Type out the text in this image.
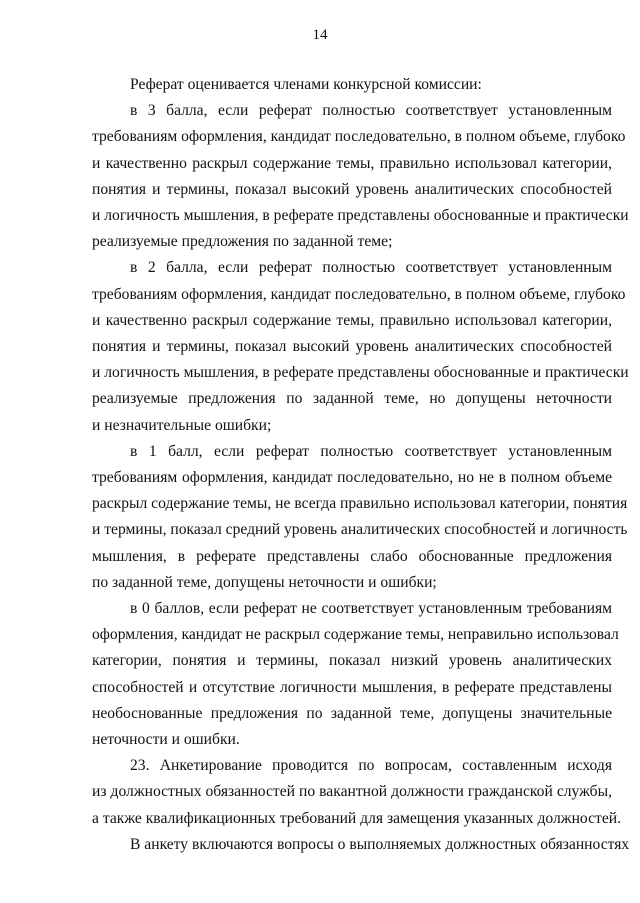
14
Реферат оценивается членами конкурсной комиссии:
в 3 балла, если реферат полностью соответствует установленным
требованиям оформления, кандидат последовательно, в полном объеме, глубоко
и качественно раскрыл содержание темы, правильно использовал категории,
понятия и термины, показал высокий уровень аналитических способностей
и логичность мышления, в реферате представлены обоснованные и практически
реализуемые предложения по заданной теме;
в 2 балла, если реферат полностью соответствует установленным
требованиям оформления, кандидат последовательно, в полном объеме, глубоко
и качественно раскрыл содержание темы, правильно использовал категории,
понятия и термины, показал высокий уровень аналитических способностей
и логичность мышления, в реферате представлены обоснованные и практически
реализуемые предложения по заданной теме, но допущены неточности
и незначительные ошибки;
в 1 балл, если реферат полностью соответствует установленным
требованиям оформления, кандидат последовательно, но не в полном объеме
раскрыл содержание темы, не всегда правильно использовал категории, понятия
и термины, показал средний уровень аналитических способностей и логичность
мышления, в реферате представлены слабо обоснованные предложения
по заданной теме, допущены неточности и ошибки;
в 0 баллов, если реферат не соответствует установленным требованиям
оформления, кандидат не раскрыл содержание темы, неправильно использовал
категории, понятия и термины, показал низкий уровень аналитических
способностей и отсутствие логичности мышления, в реферате представлены
необоснованные предложения по заданной теме, допущены значительные
неточности и ошибки.
23. Анкетирование проводится по вопросам, составленным исходя
из должностных обязанностей по вакантной должности гражданской службы,
а также квалификационных требований для замещения указанных должностей.
В анкету включаются вопросы о выполняемых должностных обязанностях
